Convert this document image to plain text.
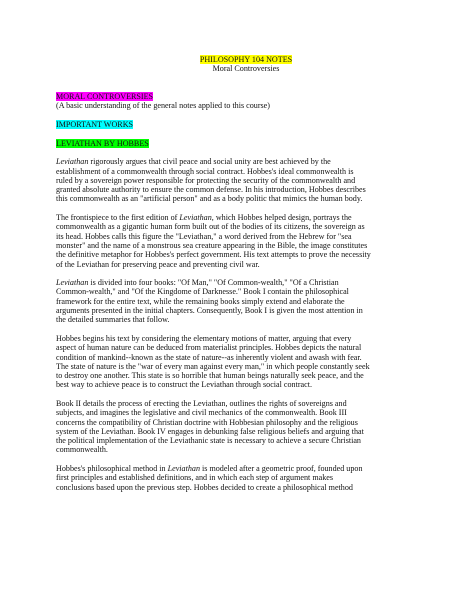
PHILOSOPHY 104 NOTES
Moral Controversies
MORAL CONTROVERSIES
(A basic understanding of the general notes applied to this course)
IMPORTANT WORKS
LEVIATHAN BY HOBBES
Leviathan rigorously argues that civil peace and social unity are best achieved by the
establishment of a commonwealth through social contract. Hobbes's ideal commonwealth is
ruled by a sovereign power responsible for protecting the security of the commonwealth and
granted absolute authority to ensure the common defense. In his introduction, Hobbes describes
this commonwealth as an "artificial person" and as a body politic that mimics the human body.
The frontispiece to the first edition of Leviathan, which Hobbes helped design, portrays the
commonwealth as a gigantic human form built out of the bodies of its citizens, the sovereign as
its head. Hobbes calls this figure the "Leviathan," a word derived from the Hebrew for "sea
monster" and the name of a monstrous sea creature appearing in the Bible, the image constitutes
the definitive metaphor for Hobbes's perfect government. His text attempts to prove the necessity
of the Leviathan for preserving peace and preventing civil war.
Leviathan is divided into four books: "Of Man," "Of Common-wealth," "Of a Christian
Common-wealth," and "Of the Kingdome of Darknesse." Book I contain the philosophical
framework for the entire text, while the remaining books simply extend and elaborate the
arguments presented in the initial chapters. Consequently, Book I is given the most attention in
the detailed summaries that follow.
Hobbes begins his text by considering the elementary motions of matter, arguing that every
aspect of human nature can be deduced from materialist principles. Hobbes depicts the natural
condition of mankind--known as the state of nature--as inherently violent and awash with fear.
The state of nature is the "war of every man against every man," in which people constantly seek
to destroy one another. This state is so horrible that human beings naturally seek peace, and the
best way to achieve peace is to construct the Leviathan through social contract.
Book II details the process of erecting the Leviathan, outlines the rights of sovereigns and
subjects, and imagines the legislative and civil mechanics of the commonwealth. Book III
concerns the compatibility of Christian doctrine with Hobbesian philosophy and the religious
system of the Leviathan. Book IV engages in debunking false religious beliefs and arguing that
the political implementation of the Leviathanic state is necessary to achieve a secure Christian
commonwealth.
Hobbes's philosophical method in Leviathan is modeled after a geometric proof, founded upon
first principles and established definitions, and in which each step of argument makes
conclusions based upon the previous step. Hobbes decided to create a philosophical method
